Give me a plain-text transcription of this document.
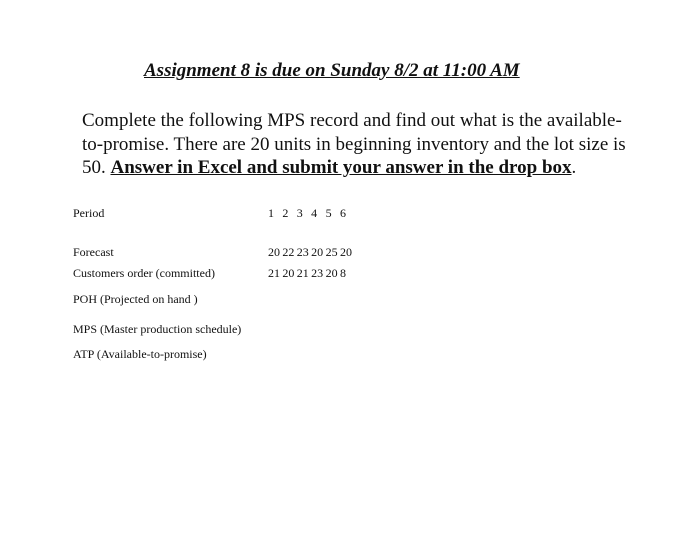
Assignment 8 is due on Sunday 8/2 at 11:00 AM
Complete the following MPS record and find out what is the available-to-promise. There are 20 units in beginning inventory and the lot size is 50. Answer in Excel and submit your answer in the drop box.
Period	1 2 3 4 5 6
Forecast	20 22 23 20 25 20
Customers order (committed)	21 20 21 23 20 8
POH (Projected on hand )
MPS (Master production schedule)
ATP (Available-to-promise)
